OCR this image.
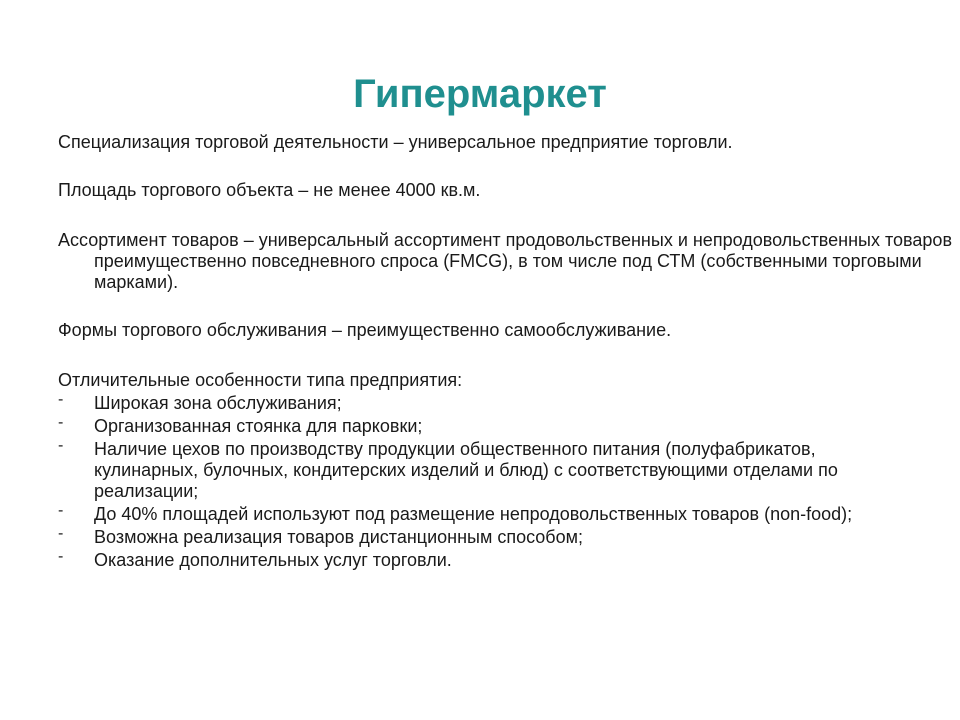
Гипермаркет

Специализация торговой деятельности – универсальное предприятие торговли.

Площадь торгового объекта – не менее 4000 кв.м.

Ассортимент товаров – универсальный ассортимент продовольственных и непродовольственных товаров преимущественно повседневного спроса (FMCG), в том числе под СТМ (собственными торговыми марками).

Формы торгового обслуживания – преимущественно самообслуживание.

Отличительные особенности типа предприятия:

- Широкая зона обслуживания;
- Организованная стоянка для парковки;
- Наличие цехов по производству продукции общественного питания (полуфабрикатов, кулинарных, булочных, кондитерских изделий и блюд) с соответствующими отделами по реализации;
- До 40% площадей используют под размещение непродовольственных товаров (non-food);
- Возможна реализация товаров дистанционным способом;
- Оказание дополнительных услуг торговли.
